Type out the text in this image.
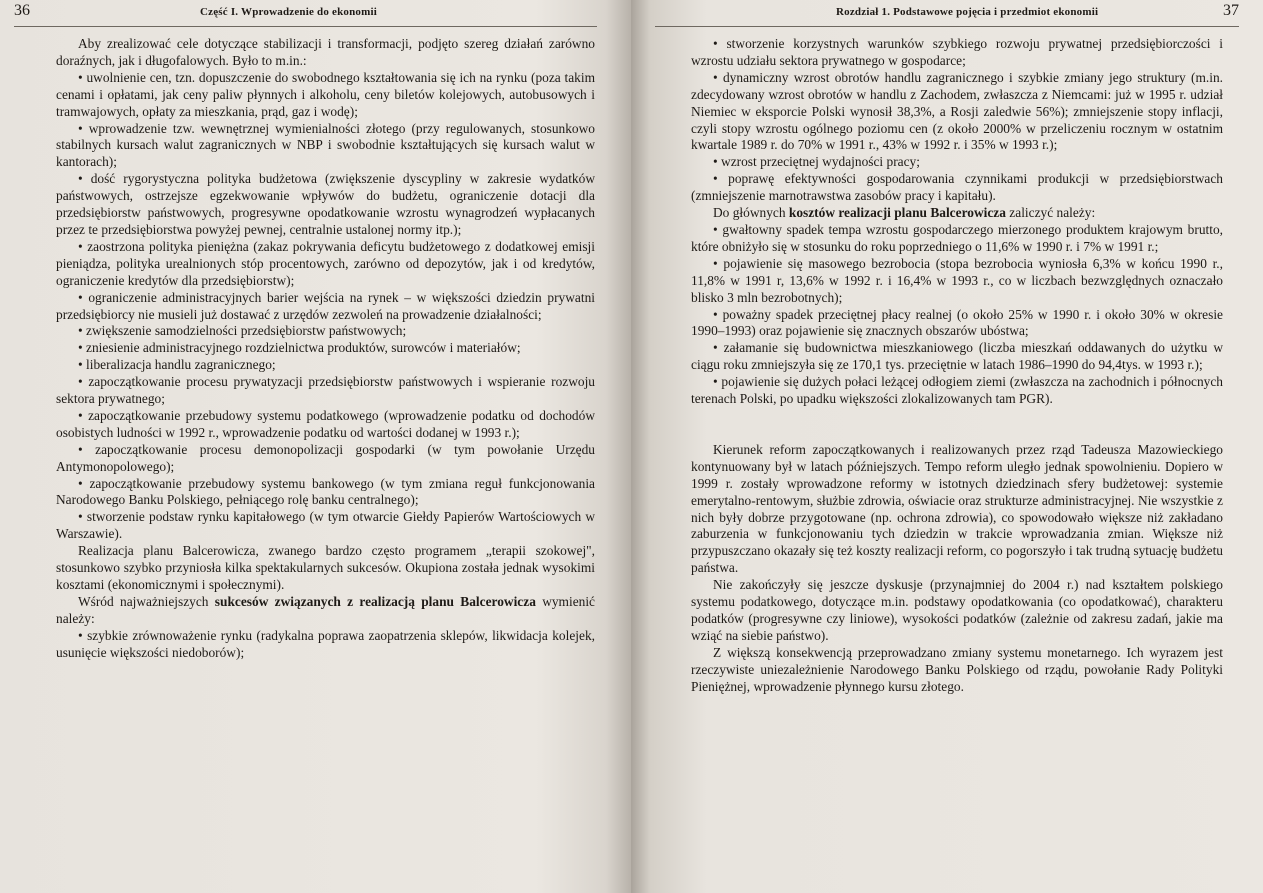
36	Część I. Wprowadzenie do ekonomii

Aby zrealizować cele dotyczące stabilizacji i transformacji, podjęto szereg działań zarówno doraźnych, jak i długofalowych. Było to m.in.:

• uwolnienie cen, tzn. dopuszczenie do swobodnego kształtowania się ich na rynku (poza takim cenami i opłatami, jak ceny paliw płynnych i alkoholu, ceny biletów kolejowych, autobusowych i tramwajowych, opłaty za mieszkania, prąd, gaz i wodę);

• wprowadzenie tzw. wewnętrznej wymienialności złotego (przy regulowanych, stosunkowo stabilnych kursach walut zagranicznych w NBP i swobodnie kształtujących się kursach walut w kantorach);

• dość rygorystyczna polityka budżetowa (zwiększenie dyscypliny w zakresie wydatków państwowych, ostrzejsze egzekwowanie wpływów do budżetu, ograniczenie dotacji dla przedsiębiorstw państwowych, progresywne opodatkowanie wzrostu wynagrodzeń wypłacanych przez te przedsiębiorstwa powyżej pewnej, centralnie ustalonej normy itp.);

• zaostrzona polityka pieniężna (zakaz pokrywania deficytu budżetowego z dodatkowej emisji pieniądza, polityka urealnionych stóp procentowych, zarówno od depozytów, jak i od kredytów, ograniczenie kredytów dla przedsiębiorstw);

• ograniczenie administracyjnych barier wejścia na rynek – w większości dziedzin prywatni przedsiębiorcy nie musieli już dostawać z urzędów zezwoleń na prowadzenie działalności;

• zwiększenie samodzielności przedsiębiorstw państwowych;

• zniesienie administracyjnego rozdzielnictwa produktów, surowców i materiałów;

• liberalizacja handlu zagranicznego;

• zapoczątkowanie procesu prywatyzacji przedsiębiorstw państwowych i wspieranie rozwoju sektora prywatnego;

• zapoczątkowanie przebudowy systemu podatkowego (wprowadzenie podatku od dochodów osobistych ludności w 1992 r., wprowadzenie podatku od wartości dodanej w 1993 r.);

• zapoczątkowanie procesu demonopolizacji gospodarki (w tym powołanie Urzędu Antymonopolowego);

• zapoczątkowanie przebudowy systemu bankowego (w tym zmiana reguł funkcjonowania Narodowego Banku Polskiego, pełniącego rolę banku centralnego);

• stworzenie podstaw rynku kapitałowego (w tym otwarcie Giełdy Papierów Wartościowych w Warszawie).

Realizacja planu Balcerowicza, zwanego bardzo często programem „terapii szokowej", stosunkowo szybko przyniosła kilka spektakularnych sukcesów. Okupiona została jednak wysokimi kosztami (ekonomicznymi i społecznymi).

Wśród najważniejszych sukcesów związanych z realizacją planu Balcerowicza wymienić należy:

• szybkie zrównoważenie rynku (radykalna poprawa zaopatrzenia sklepów, likwidacja kolejek, usunięcie większości niedoborów);

Rozdział 1. Podstawowe pojęcia i przedmiot ekonomii	37

• stworzenie korzystnych warunków szybkiego rozwoju prywatnej przedsiębiorczości i wzrostu udziału sektora prywatnego w gospodarce;

• dynamiczny wzrost obrotów handlu zagranicznego i szybkie zmiany jego struktury (m.in. zdecydowany wzrost obrotów w handlu z Zachodem, zwłaszcza z Niemcami: już w 1995 r. udział Niemiec w eksporcie Polski wynosił 38,3%, a Rosji zaledwie 56%); zmniejszenie stopy inflacji, czyli stopy wzrostu ogólnego poziomu cen (z około 2000% w przeliczeniu rocznym w ostatnim kwartale 1989 r. do 70% w 1991 r., 43% w 1992 r. i 35% w 1993 r.);

• wzrost przeciętnej wydajności pracy;

• poprawę efektywności gospodarowania czynnikami produkcji w przedsiębiorstwach (zmniejszenie marnotrawstwa zasobów pracy i kapitału).

Do głównych kosztów realizacji planu Balcerowicza zaliczyć należy:

• gwałtowny spadek tempa wzrostu gospodarczego mierzonego produktem krajowym brutto, które obniżyło się w stosunku do roku poprzedniego o 11,6% w 1990 r. i 7% w 1991 r.;

• pojawienie się masowego bezrobocia (stopa bezrobocia wyniosła 6,3% w końcu 1990 r., 11,8% w 1991 r, 13,6% w 1992 r. i 16,4% w 1993 r., co w liczbach bezwzględnych oznaczało blisko 3 mln bezrobotnych);

• poważny spadek przeciętnej płacy realnej (o około 25% w 1990 r. i około 30% w okresie 1990–1993) oraz pojawienie się znacznych obszarów ubóstwa;

• załamanie się budownictwa mieszkaniowego (liczba mieszkań oddawanych do użytku w ciągu roku zmniejszyła się ze 170,1 tys. przeciętnie w latach 1986–1990 do 94,4tys. w 1993 r.);

• pojawienie się dużych połaci leżącej odłogiem ziemi (zwłaszcza na zachodnich i północnych terenach Polski, po upadku większości zlokalizowanych tam PGR).

Kierunek reform zapoczątkowanych i realizowanych przez rząd Tadeusza Mazowieckiego kontynuowany był w latach późniejszych. Tempo reform uległo jednak spowolnieniu. Dopiero w 1999 r. zostały wprowadzone reformy w istotnych dziedzinach sfery budżetowej: systemie emerytalno-rentowym, służbie zdrowia, oświacie oraz strukturze administracyjnej. Nie wszystkie z nich były dobrze przygotowane (np. ochrona zdrowia), co spowodowało większe niż zakładano zaburzenia w funkcjonowaniu tych dziedzin w trakcie wprowadzania zmian. Większe niż przypuszczano okazały się też koszty realizacji reform, co pogorszyło i tak trudną sytuację budżetu państwa.

Nie zakończyły się jeszcze dyskusje (przynajmniej do 2004 r.) nad kształtem polskiego systemu podatkowego, dotyczące m.in. podstawy opodatkowania (co opodatkować), charakteru podatków (progresywne czy liniowe), wysokości podatków (zależnie od zakresu zadań, jakie ma wziąć na siebie państwo).

Z większą konsekwencją przeprowadzano zmiany systemu monetarnego. Ich wyrazem jest rzeczywiste uniezależnienie Narodowego Banku Polskiego od rządu, powołanie Rady Polityki Pieniężnej, wprowadzenie płynnego kursu złotego.
